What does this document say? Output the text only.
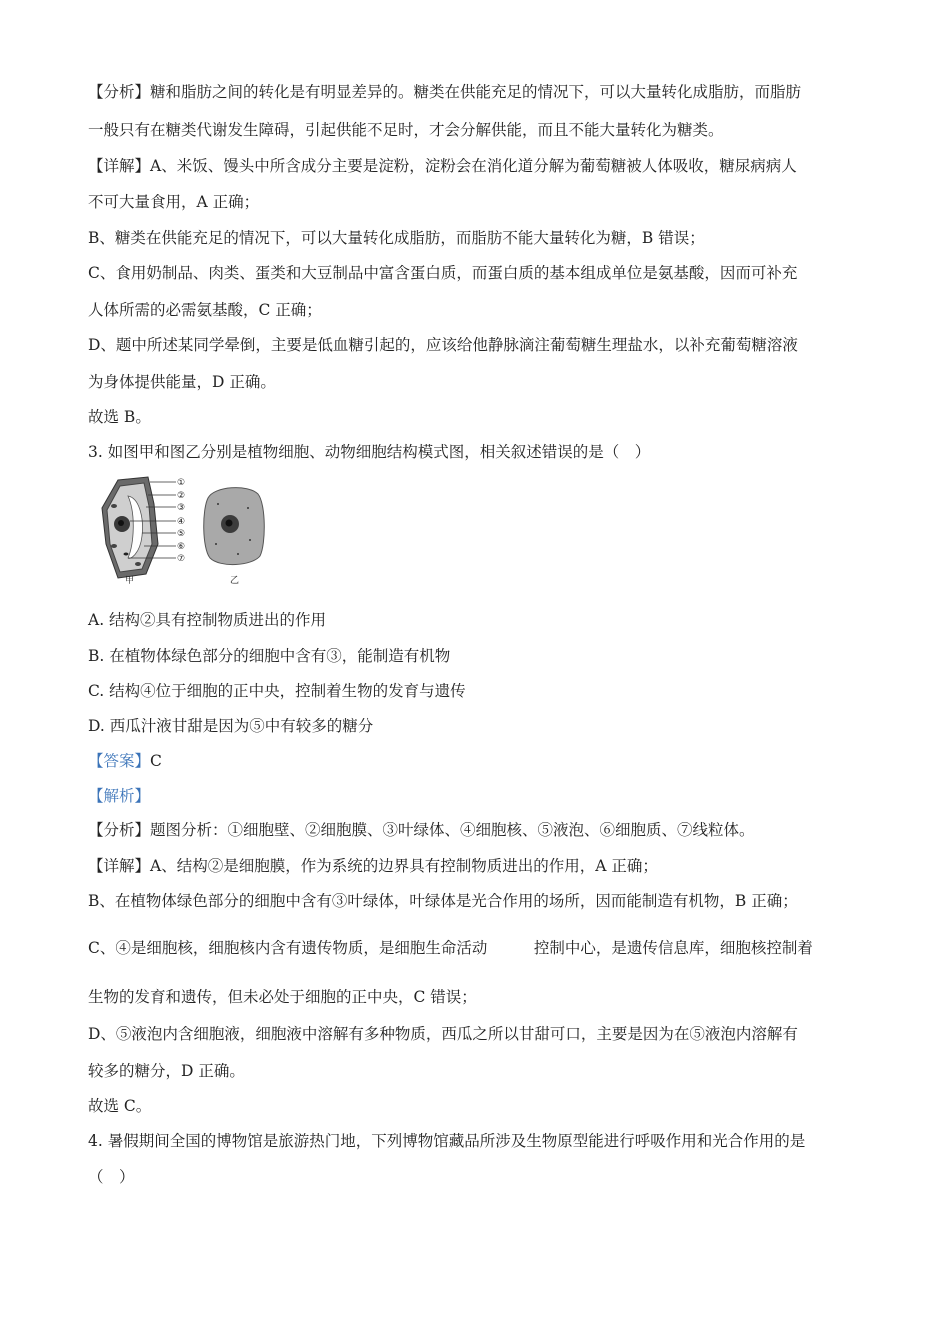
【分析】糖和脂肪之间的转化是有明显差异的。糖类在供能充足的情况下，可以大量转化成脂肪，而脂肪
一般只有在糖类代谢发生障碍，引起供能不足时，才会分解供能，而且不能大量转化为糖类。
【详解】A、米饭、馒头中所含成分主要是淀粉，淀粉会在消化道分解为葡萄糖被人体吸收，糖尿病病人
不可大量食用，A 正确；
B、糖类在供能充足的情况下，可以大量转化成脂肪，而脂肪不能大量转化为糖，B 错误；
C、食用奶制品、肉类、蛋类和大豆制品中富含蛋白质，而蛋白质的基本组成单位是氨基酸，因而可补充
人体所需的必需氨基酸，C 正确；
D、题中所述某同学晕倒，主要是低血糖引起的，应该给他静脉滴注葡萄糖生理盐水，以补充葡萄糖溶液
为身体提供能量，D 正确。
故选 B。
3. 如图甲和图乙分别是植物细胞、动物细胞结构模式图，相关叙述错误的是（　）
①
②
③
④
⑤
⑥
⑦
甲	乙
A. 结构②具有控制物质进出的作用
B. 在植物体绿色部分的细胞中含有③，能制造有机物
C. 结构④位于细胞的正中央，控制着生物的发育与遗传
D. 西瓜汁液甘甜是因为⑤中有较多的糖分
【答案】C
【解析】
【分析】题图分析：①细胞壁、②细胞膜、③叶绿体、④细胞核、⑤液泡、⑥细胞质、⑦线粒体。
【详解】A、结构②是细胞膜，作为系统的边界具有控制物质进出的作用，A 正确；
B、在植物体绿色部分的细胞中含有③叶绿体，叶绿体是光合作用的场所，因而能制造有机物，B 正确；
C、④是细胞核，细胞核内含有遗传物质，是细胞生命活动　　　控制中心，是遗传信息库，细胞核控制着
生物的发育和遗传，但未必处于细胞的正中央，C 错误；
D、⑤液泡内含细胞液，细胞液中溶解有多种物质，西瓜之所以甘甜可口，主要是因为在⑤液泡内溶解有
较多的糖分，D 正确。
故选 C。
4. 暑假期间全国的博物馆是旅游热门地，下列博物馆藏品所涉及生物原型能进行呼吸作用和光合作用的是
（　）
